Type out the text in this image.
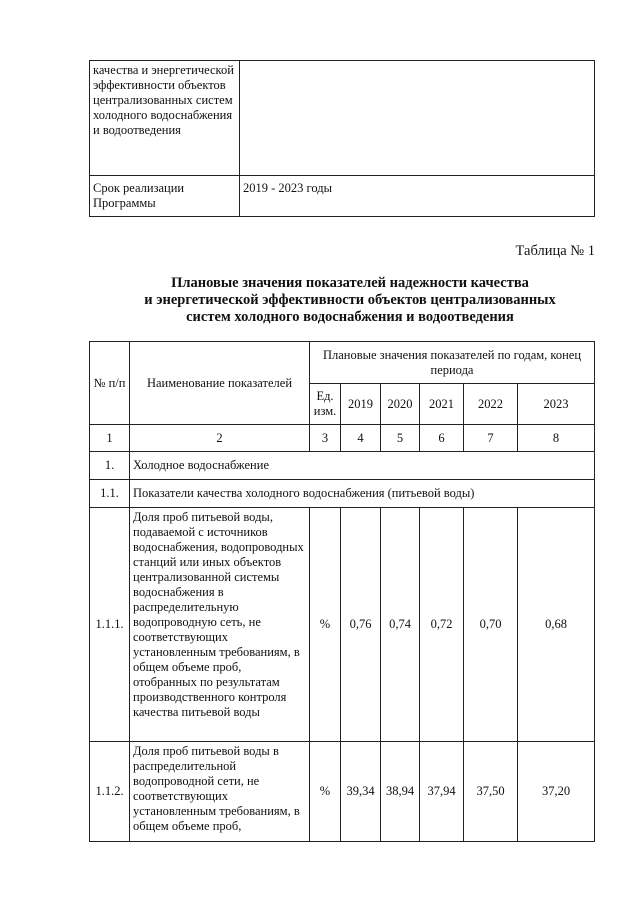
качества и энергетической эффективности объектов централизованных систем холодного водоснабжения и водоотведения	
Срок реализации Программы	2019 - 2023 годы
Таблица № 1
Плановые значения показателей надежности качества
и энергетической эффективности объектов централизованных
систем холодного водоснабжения и водоотведения
№ п/п	Наименование показателей	Плановые значения показателей по годам, конец периода					
		Ед. изм.	2019	2020	2021	2022	2023
1	2	3	4	5	6	7	8
1.	Холодное водоснабжение						
1.1.	Показатели качества холодного водоснабжения (питьевой воды)						
1.1.1.	Доля проб питьевой воды, подаваемой с источников водоснабжения, водопроводных станций или иных объектов централизованной системы водоснабжения в распределительную водопроводную сеть, не соответствующих установленным требованиям, в общем объеме проб, отобранных по результатам производственного контроля качества питьевой воды	%	0,76	0,74	0,72	0,70	0,68
1.1.2.	Доля проб питьевой воды в распределительной водопроводной сети, не соответствующих установленным требованиям, в общем объеме проб,	%	39,34	38,94	37,94	37,50	37,20
